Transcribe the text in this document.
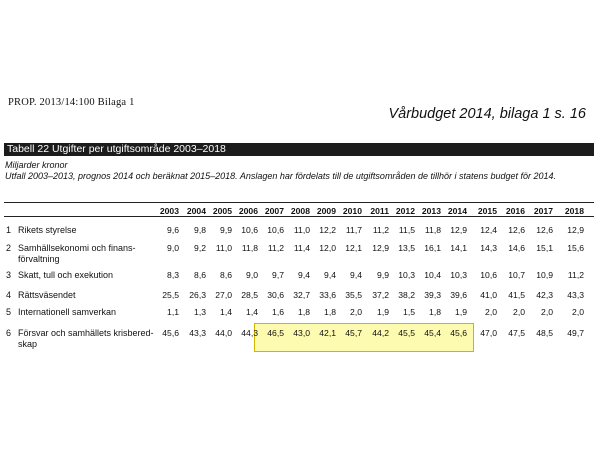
PROP. 2013/14:100 Bilaga 1
Vårbudget 2014, bilaga 1 s. 16
Tabell 22 Utgifter per utgiftsområde 2003–2018
Miljarder kronor
Utfall 2003–2013, prognos 2014 och beräknat 2015–2018. Anslagen har fördelats till de utgiftsområden de tillhör i statens budget för 2014.
2003 2004 2005 2006 2007 2008 2009 2010 2011 2012 2013 2014	2015	2016	2017	2018
1 Rikets styrelse	9,6	9,8	9,9	10,6	10,6	11,0	12,2	11,7	11,2	11,5	11,8	12,9	12,4	12,6	12,6	12,9
2 Samhällsekonomi och finans-
förvaltning
9,0	9,2	11,0	11,8	11,2	11,4	12,0	12,1	12,9	13,5	16,1	14,1	14,3	14,6	15,1	15,6
3 Skatt, tull och exekution	8,3	8,6	8,6	9,0	9,7	9,4	9,4	9,4	9,9	10,3	10,4	10,3	10,6	10,7	10,9	11,2
4 Rättsväsendet	25,5	26,3	27,0	28,5	30,6	32,7	33,6	35,5	37,2	38,2	39,3	39,6	41,0	41,5	42,3	43,3
5 Internationell samverkan	1,1	1,3	1,4	1,4	1,6	1,8	1,8	2,0	1,9	1,5	1,8	1,9	2,0	2,0	2,0	2,0
6 Försvar och samhällets krisbered-
skap
45,6	43,3	44,0	44,3	46,5	43,0	42,1	45,7	44,2	45,5	45,4	45,6	47,0	47,5	48,5	49,7
